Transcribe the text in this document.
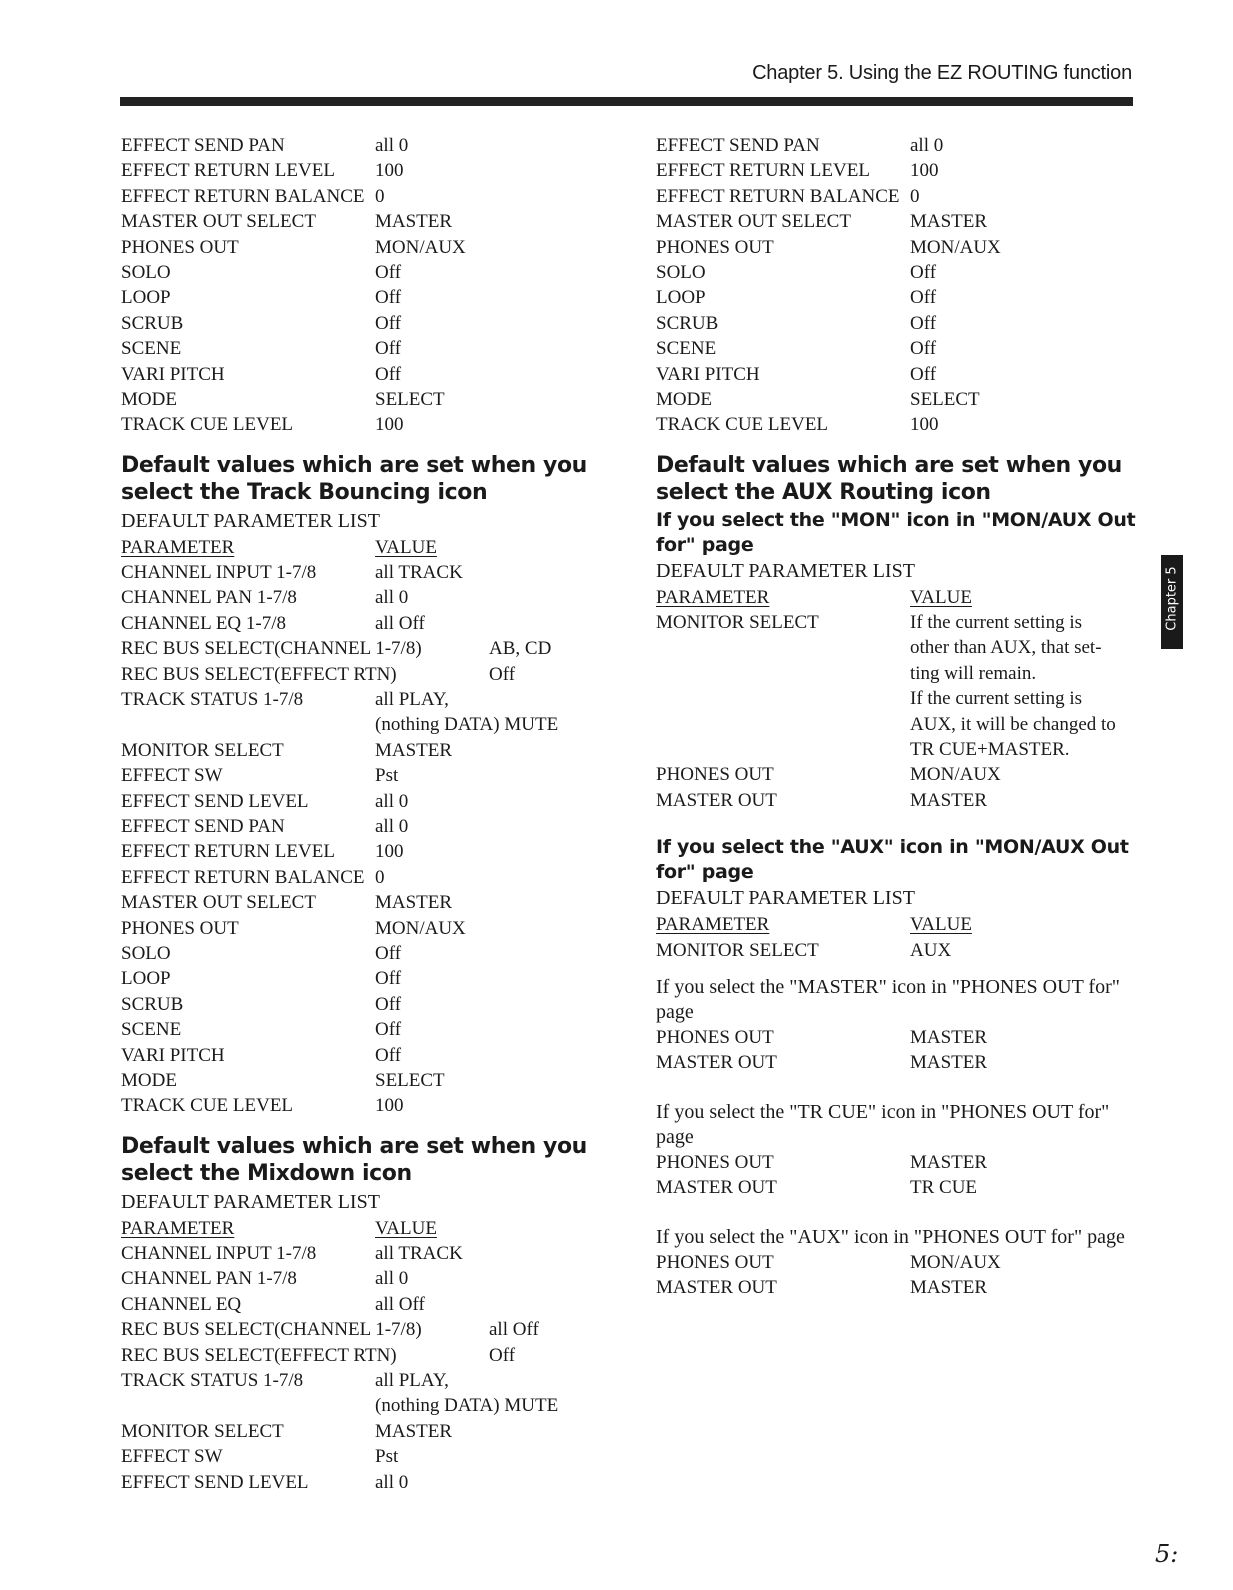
Chapter 5. Using the EZ ROUTING function
Chapter 5
5:
EFFECT SEND PAN	all 0
EFFECT RETURN LEVEL	100
EFFECT RETURN BALANCE 0
MASTER OUT SELECT	MASTER
PHONES OUT	MON/AUX
SOLO	Off
LOOP	Off
SCRUB	Off
SCENE	Off
VARI PITCH	Off
MODE	SELECT
TRACK CUE LEVEL	100
Default values which are set when you select the Track Bouncing icon
DEFAULT PARAMETER LIST
PARAMETER	VALUE
CHANNEL INPUT 1-7/8	all TRACK
CHANNEL PAN 1-7/8	all 0
CHANNEL EQ 1-7/8	all Off
REC BUS SELECT(CHANNEL 1-7/8)	AB, CD
REC BUS SELECT(EFFECT RTN)	Off
TRACK STATUS 1-7/8	all PLAY,
(nothing DATA) MUTE
MONITOR SELECT	MASTER
EFFECT SW	Pst
EFFECT SEND LEVEL	all 0
EFFECT SEND PAN	all 0
EFFECT RETURN LEVEL	100
EFFECT RETURN BALANCE 0
MASTER OUT SELECT	MASTER
PHONES OUT	MON/AUX
SOLO	Off
LOOP	Off
SCRUB	Off
SCENE	Off
VARI PITCH	Off
MODE	SELECT
TRACK CUE LEVEL	100
Default values which are set when you select the Mixdown icon
DEFAULT PARAMETER LIST
PARAMETER	VALUE
CHANNEL INPUT 1-7/8	all TRACK
CHANNEL PAN 1-7/8	all 0
CHANNEL EQ	all Off
REC BUS SELECT(CHANNEL 1-7/8)	all Off
REC BUS SELECT(EFFECT RTN)	Off
TRACK STATUS 1-7/8	all PLAY,
(nothing DATA) MUTE
MONITOR SELECT	MASTER
EFFECT SW	Pst
EFFECT SEND LEVEL	all 0
EFFECT SEND PAN	all 0
EFFECT RETURN LEVEL	100
EFFECT RETURN BALANCE 0
MASTER OUT SELECT	MASTER
PHONES OUT	MON/AUX
SOLO	Off
LOOP	Off
SCRUB	Off
SCENE	Off
VARI PITCH	Off
MODE	SELECT
TRACK CUE LEVEL	100
Default values which are set when you select the AUX Routing icon
If you select the "MON" icon in "MON/AUX Out for" page
DEFAULT PARAMETER LIST
PARAMETER	VALUE
MONITOR SELECT	If the current setting is
other than AUX, that set-
ting will remain.
If the current setting is
AUX, it will be changed to
TR CUE+MASTER.
PHONES OUT	MON/AUX
MASTER OUT	MASTER
If you select the "AUX" icon in "MON/AUX Out for" page
DEFAULT PARAMETER LIST
PARAMETER	VALUE
MONITOR SELECT	AUX
If you select the "MASTER" icon in "PHONES OUT for" page
PHONES OUT	MASTER
MASTER OUT	MASTER
If you select the "TR CUE" icon in "PHONES OUT for" page
PHONES OUT	MASTER
MASTER OUT	TR CUE
If you select the "AUX" icon in "PHONES OUT for" page
PHONES OUT	MON/AUX
MASTER OUT	MASTER
